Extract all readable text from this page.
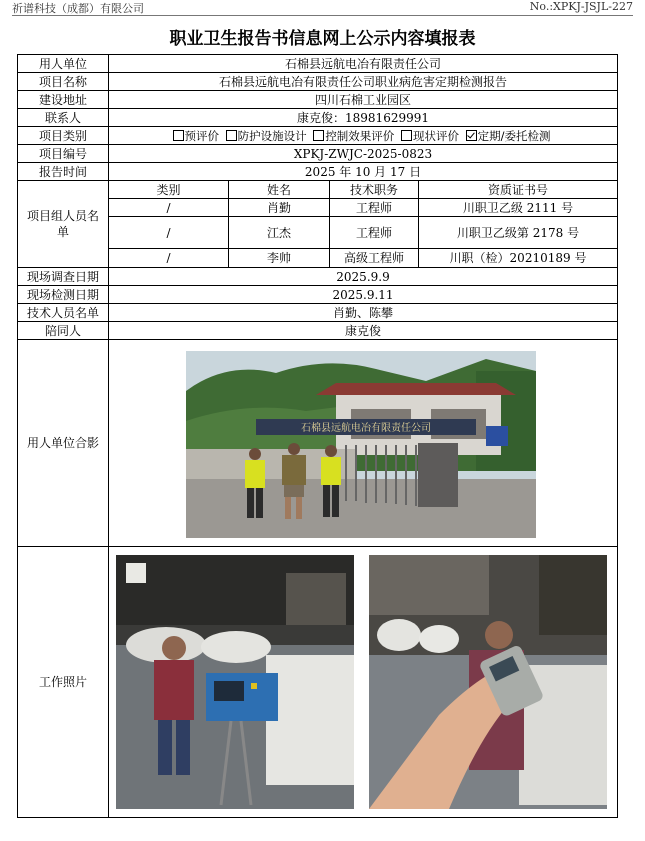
祈谱科技（成都）有限公司	No.:XPKJ-JSJL-227
职业卫生报告书信息网上公示内容填报表
用人单位	石棉县远航电冶有限责任公司			
项目名称	石棉县远航电冶有限责任公司职业病危害定期检测报告			
建设地址	四川石棉工业园区			
联系人	康克俊：18981629991			
项目类别	预评价 防护设施设计 控制效果评价 现状评价 定期/委托检测			
项目编号	XPKJ-ZWJC-2025-0823			
报告时间	2025 年 10 月 17 日			
项目组人员名单	类别	姓名	技术职务	资质证书号
	/	肖勤	工程师	川职卫乙级 2111 号
	/	江杰	工程师	川职卫乙级第 2178 号
	/	李帅	高级工程师	川职（检）20210189 号
现场调查日期	2025.9.9			
现场检测日期	2025.9.11			
技术人员名单	肖勤、陈攀			
陪同人	康克俊			
用人单位合影	石棉县远航电冶有限责任公司			

工作照片	
